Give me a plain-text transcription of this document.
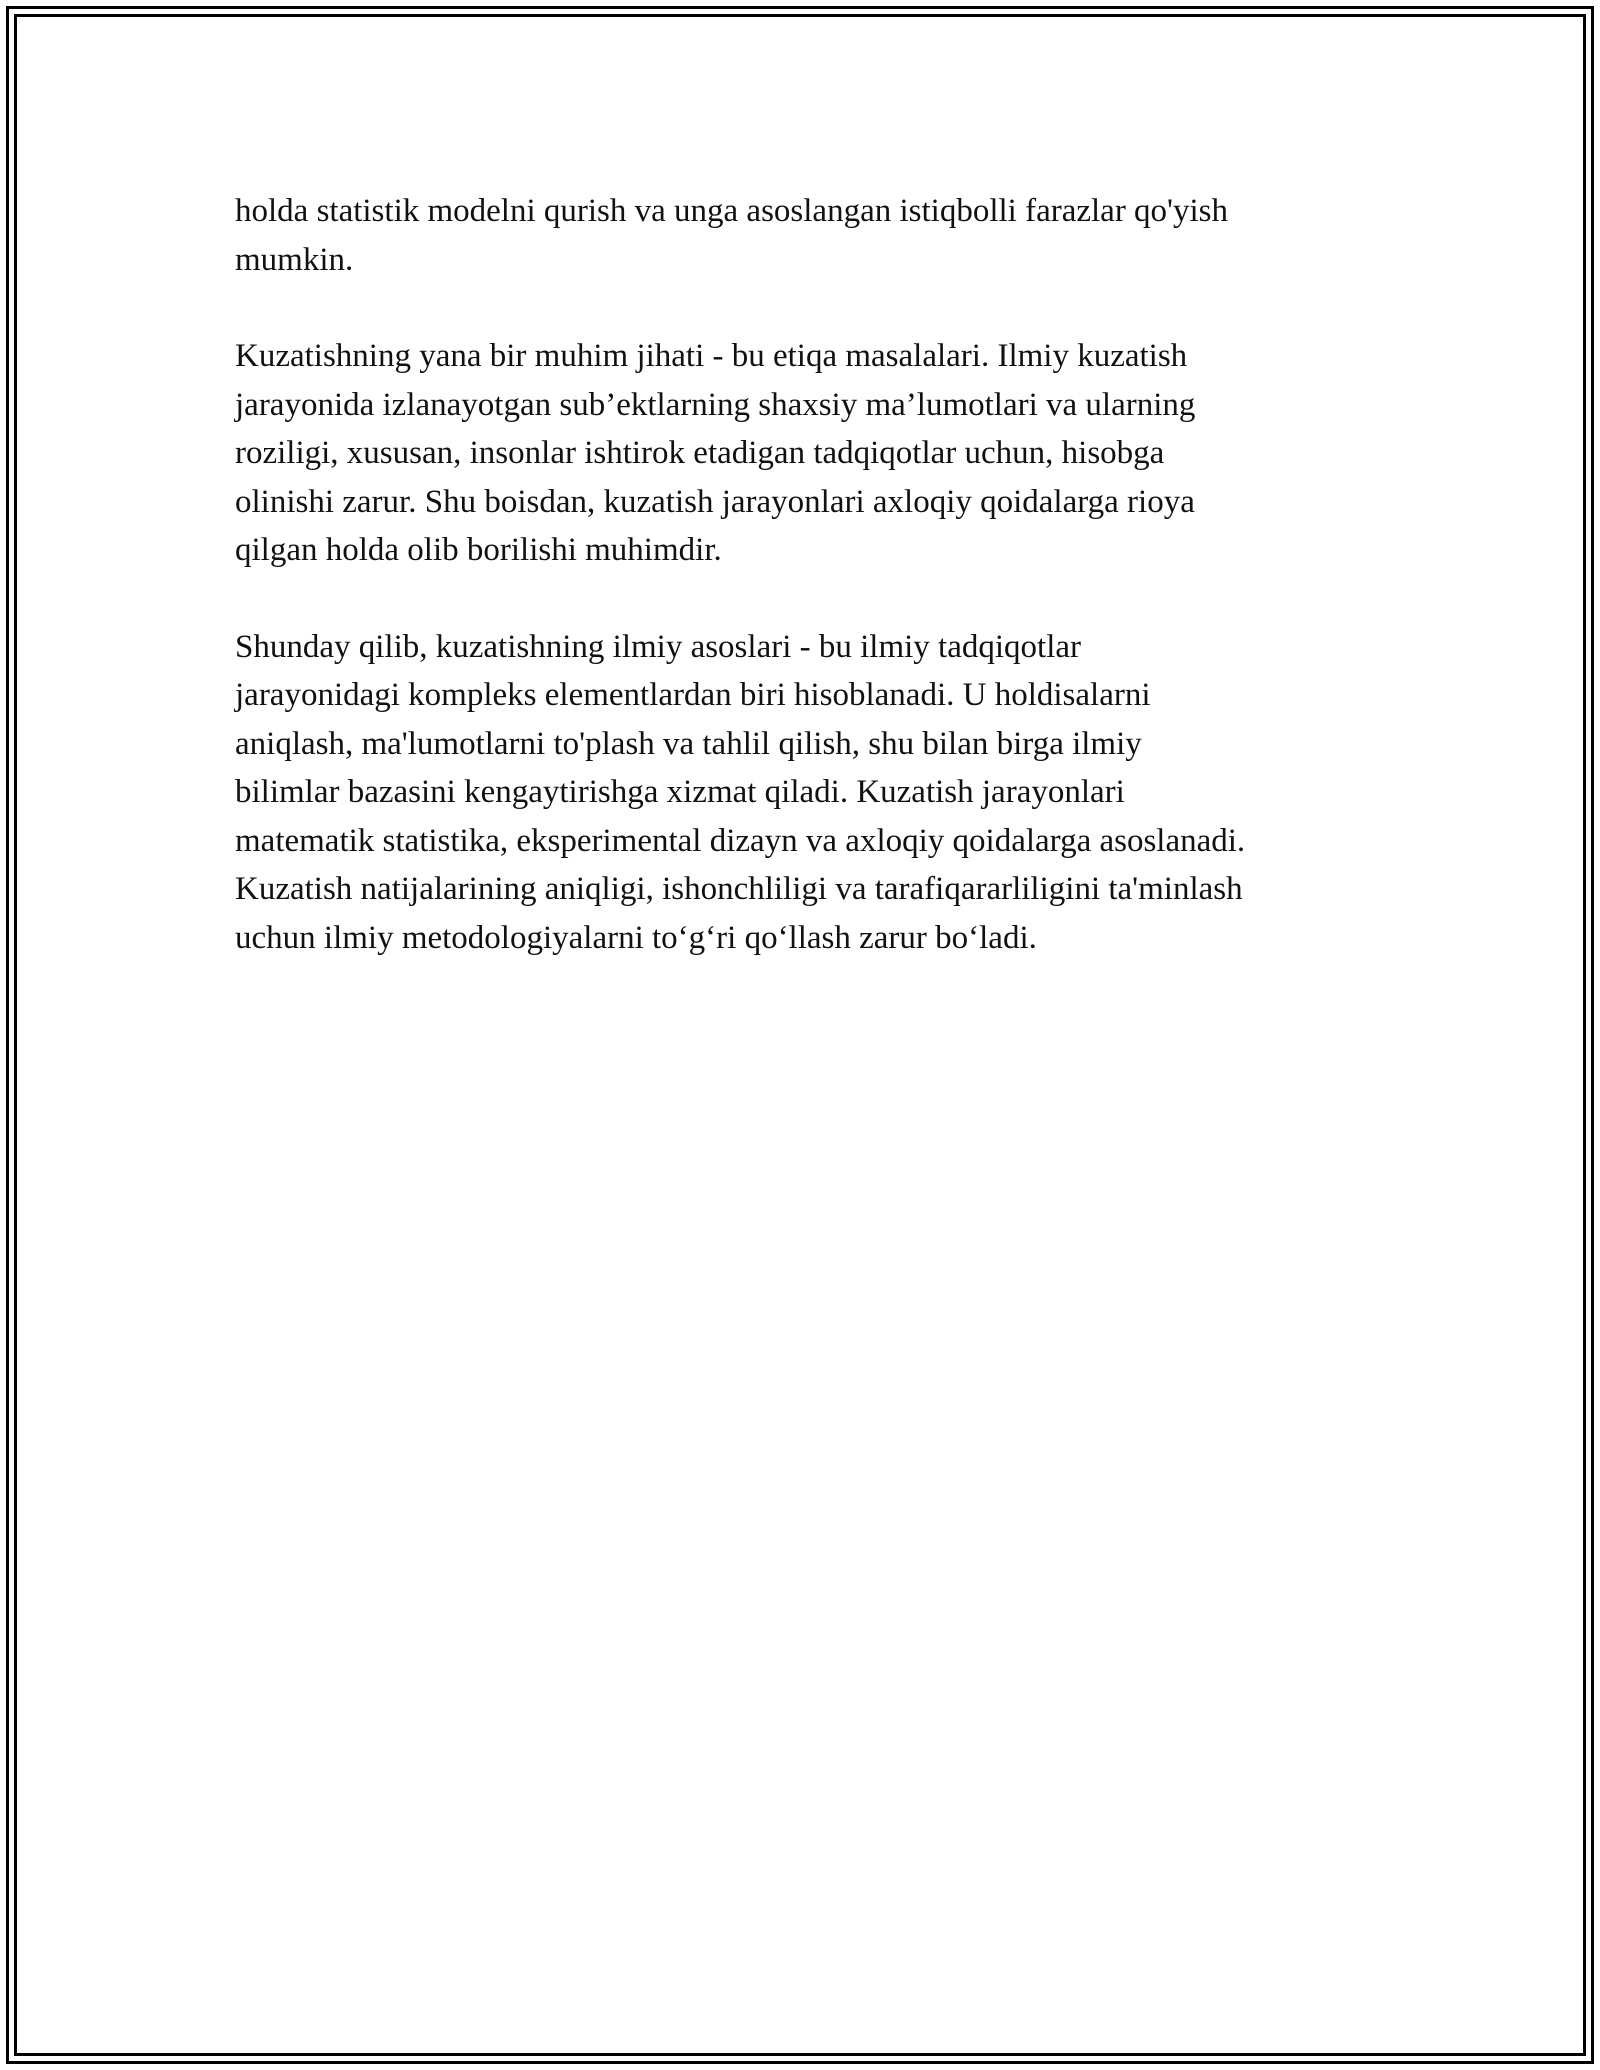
holda statistik modelni qurish va unga asoslangan istiqbolli farazlar qo'yish
mumkin.

Kuzatishning yana bir muhim jihati - bu etiqa masalalari. Ilmiy kuzatish
jarayonida izlanayotgan sub’ektlarning shaxsiy ma’lumotlari va ularning
roziligi, xususan, insonlar ishtirok etadigan tadqiqotlar uchun, hisobga
olinishi zarur. Shu boisdan, kuzatish jarayonlari axloqiy qoidalarga rioya
qilgan holda olib borilishi muhimdir.

Shunday qilib, kuzatishning ilmiy asoslari - bu ilmiy tadqiqotlar
jarayonidagi kompleks elementlardan biri hisoblanadi. U holdisalarni
aniqlash, ma'lumotlarni to'plash va tahlil qilish, shu bilan birga ilmiy
bilimlar bazasini kengaytirishga xizmat qiladi. Kuzatish jarayonlari
matematik statistika, eksperimental dizayn va axloqiy qoidalarga asoslanadi.
Kuzatish natijalarining aniqligi, ishonchliligi va tarafiqararliligini ta'minlash
uchun ilmiy metodologiyalarni to‘g‘ri qo‘llash zarur bo‘ladi.
